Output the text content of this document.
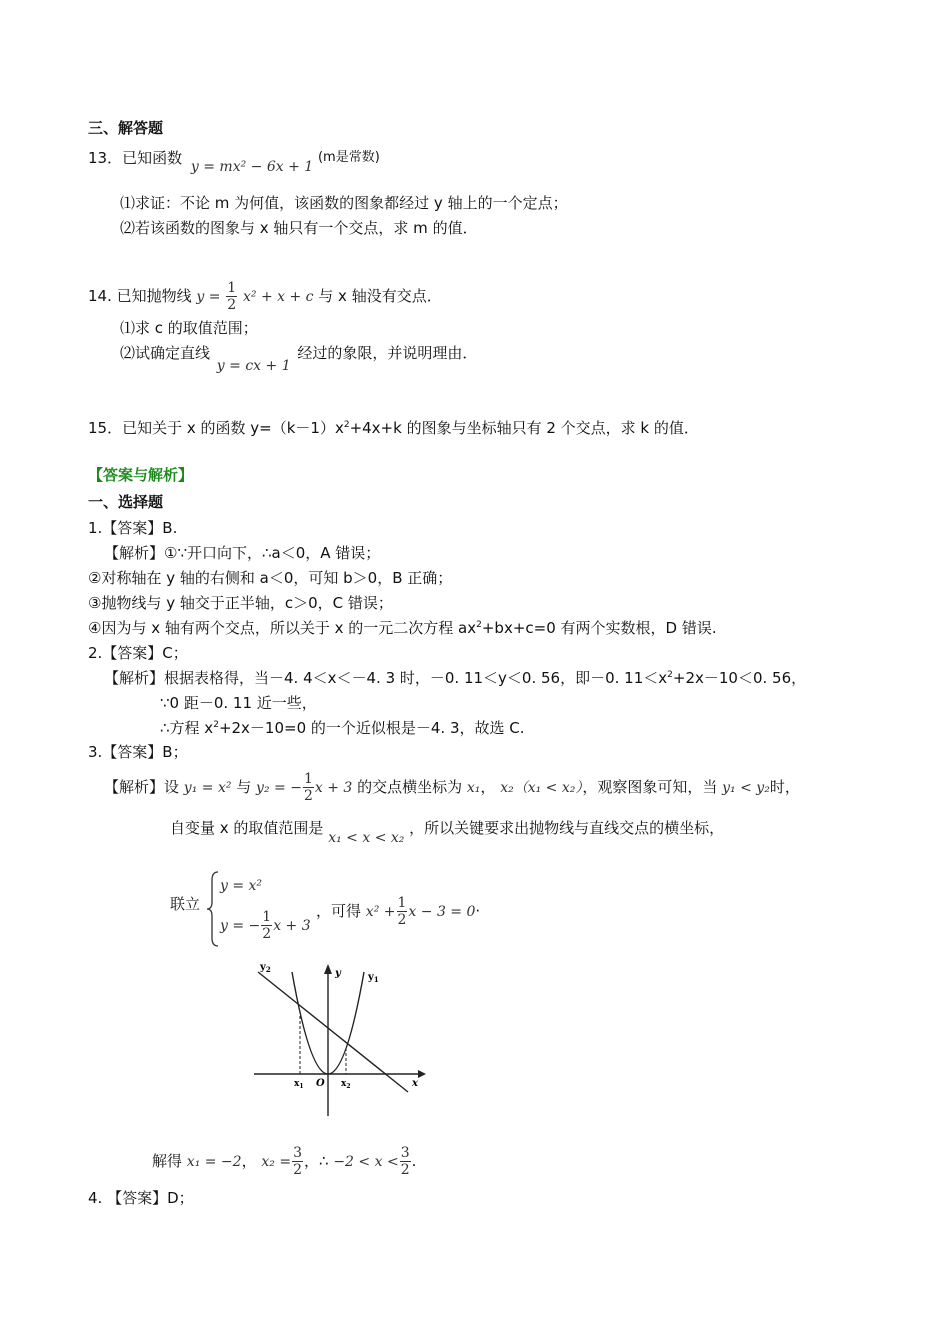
三、解答题
13．已知函数 y = mx² − 6x + 1 (m是常数)
⑴求证：不论 m 为何值，该函数的图象都经过 y 轴上的一个定点；
⑵若该函数的图象与 x 轴只有一个交点，求 m 的值．
14. 已知抛物线 $y = \frac{1}{2} x^2 + x + c$ 与 x 轴没有交点．
⑴求 c 的取值范围；
⑵试确定直线 y = cx + 1 经过的象限，并说明理由．
15．已知关于 x 的函数 $y=(k-1)x^2+4x+k$ 的图象与坐标轴只有 2 个交点，求 k 的值．
【答案与解析】
一、选择题
1.【答案】B.
【解析】①∵开口向下，∴a＜0，A 错误；
②对称轴在 y 轴的右侧和 a＜0，可知 b＞0，B 正确；
③抛物线与 y 轴交于正半轴，c＞0，C 错误；
④因为与 x 轴有两个交点，所以关于 x 的一元二次方程 $ax^2+bx+c=0$ 有两个实数根，D 错误.
2.【答案】C；
【解析】根据表格得，当－4. 4＜x＜－4. 3 时，－0. 11＜y＜0. 56，即－0. $11<x^2+2x-10<0$. 56，
∵0 距－0. 11 近一些，
∴方程 $x^2+2x-10=0$ 的一个近似根是－4. 3，故选 C.
3.【答案】B；
【解析】设 y₁ = x² 与 y₂ = − $\frac{1}{2}$ x + 3 的交点横坐标为 x₁， x₂（x₁ < x₂），观察图象可知，当 y₁ < y₂时，
自变量 x 的取值范围是 x₁ < x < x₂ ，所以关键要求出抛物线与直线交点的横坐标，
联立
y = x²
y = − $\frac{1}{2}$ x + 3
，可得 $x^2 + \frac{1}{2}$ x − 3 = 0·
$y_2$	y	$y_1$
x
O
$x_1$	$x_2$
解得 x₁ = −2， $x_2 = \frac{3}{2}$ ，∴ $-2 < x < \frac{3}{2}$ .
4. 【答案】D；
